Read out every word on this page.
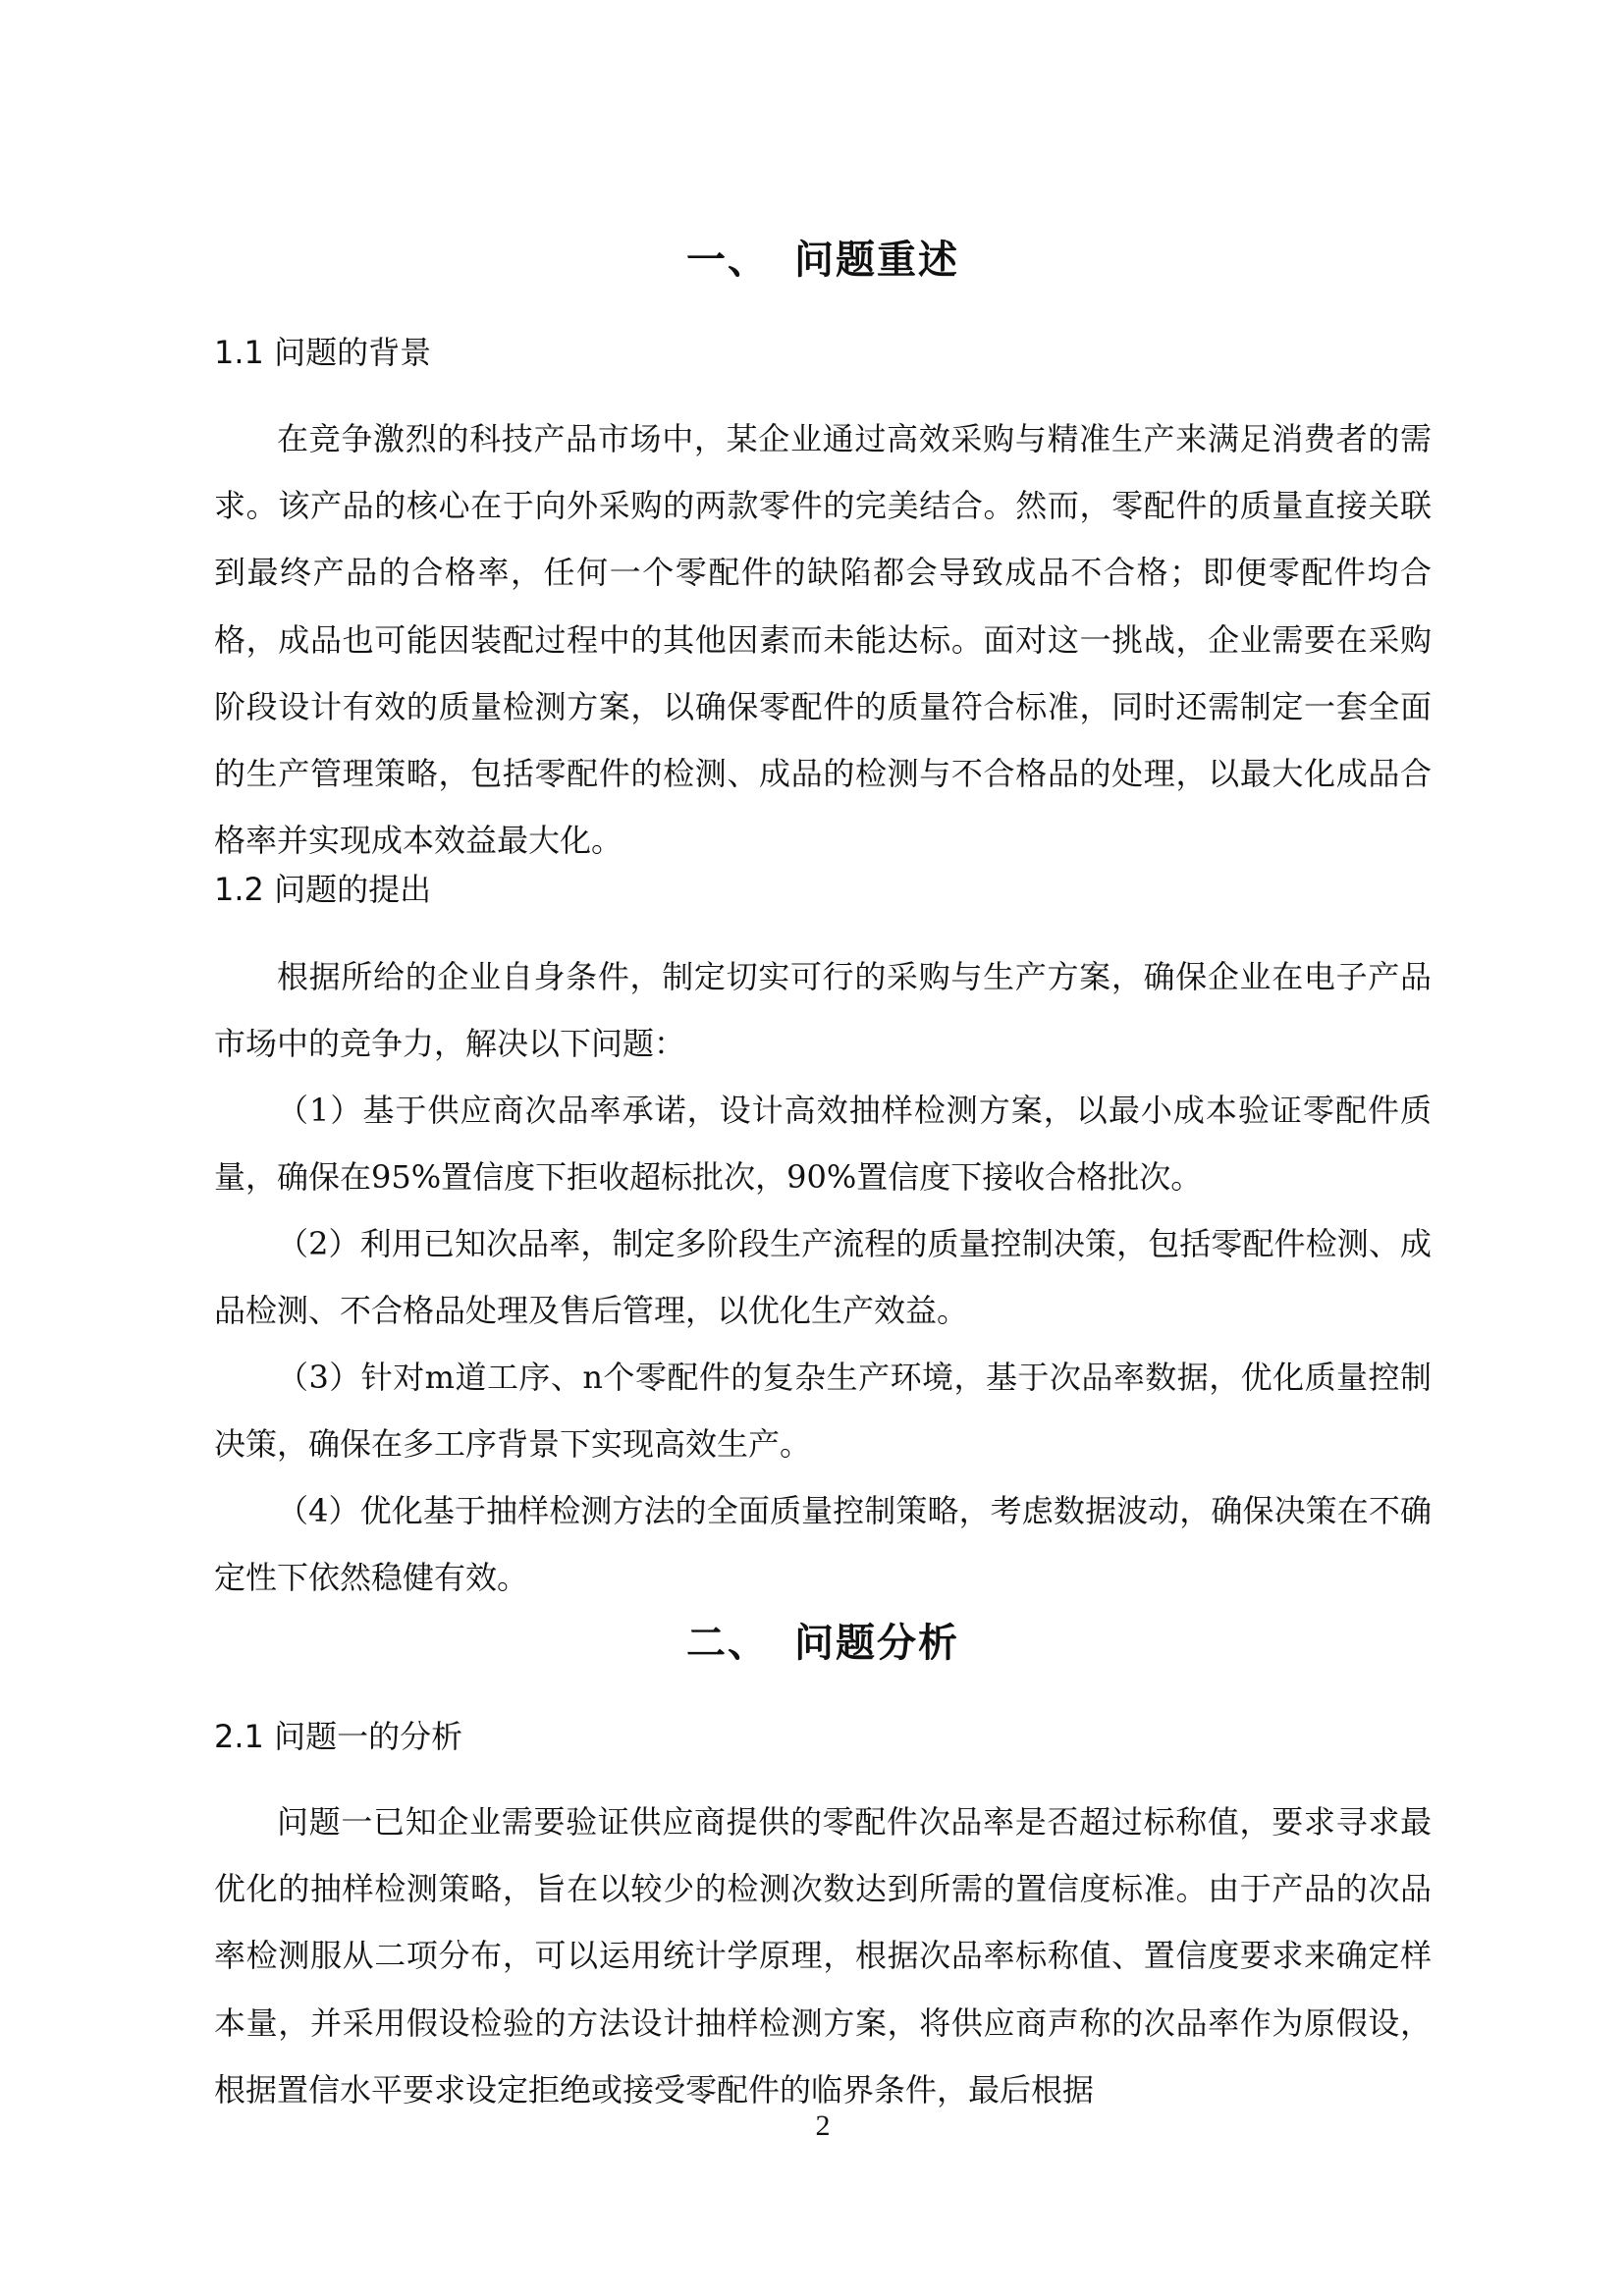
一、 问题重述
1.1 问题的背景

在竞争激烈的科技产品市场中，某企业通过高效采购与精准生产来满足消费者的需求。该产品的核心在于向外采购的两款零件的完美结合。然而，零配件的质量直接关联到最终产品的合格率，任何一个零配件的缺陷都会导致成品不合格；即便零配件均合格，成品也可能因装配过程中的其他因素而未能达标。面对这一挑战，企业需要在采购阶段设计有效的质量检测方案，以确保零配件的质量符合标准，同时还需制定一套全面的生产管理策略，包括零配件的检测、成品的检测与不合格品的处理，以最大化成品合格率并实现成本效益最大化。

1.2 问题的提出

根据所给的企业自身条件，制定切实可行的采购与生产方案，确保企业在电子产品市场中的竞争力，解决以下问题：

（1）基于供应商次品率承诺，设计高效抽样检测方案，以最小成本验证零配件质量，确保在95%置信度下拒收超标批次，90%置信度下接收合格批次。

（2）利用已知次品率，制定多阶段生产流程的质量控制决策，包括零配件检测、成品检测、不合格品处理及售后管理，以优化生产效益。

（3）针对m道工序、n个零配件的复杂生产环境，基于次品率数据，优化质量控制决策，确保在多工序背景下实现高效生产。

（4）优化基于抽样检测方法的全面质量控制策略，考虑数据波动，确保决策在不确定性下依然稳健有效。

二、 问题分析
2.1 问题一的分析

问题一已知企业需要验证供应商提供的零配件次品率是否超过标称值，要求寻求最优化的抽样检测策略，旨在以较少的检测次数达到所需的置信度标准。由于产品的次品率检测服从二项分布，可以运用统计学原理，根据次品率标称值、置信度要求来确定样本量，并采用假设检验的方法设计抽样检测方案，将供应商声称的次品率作为原假设，根据置信水平要求设定拒绝或接受零配件的临界条件，最后根据

2
